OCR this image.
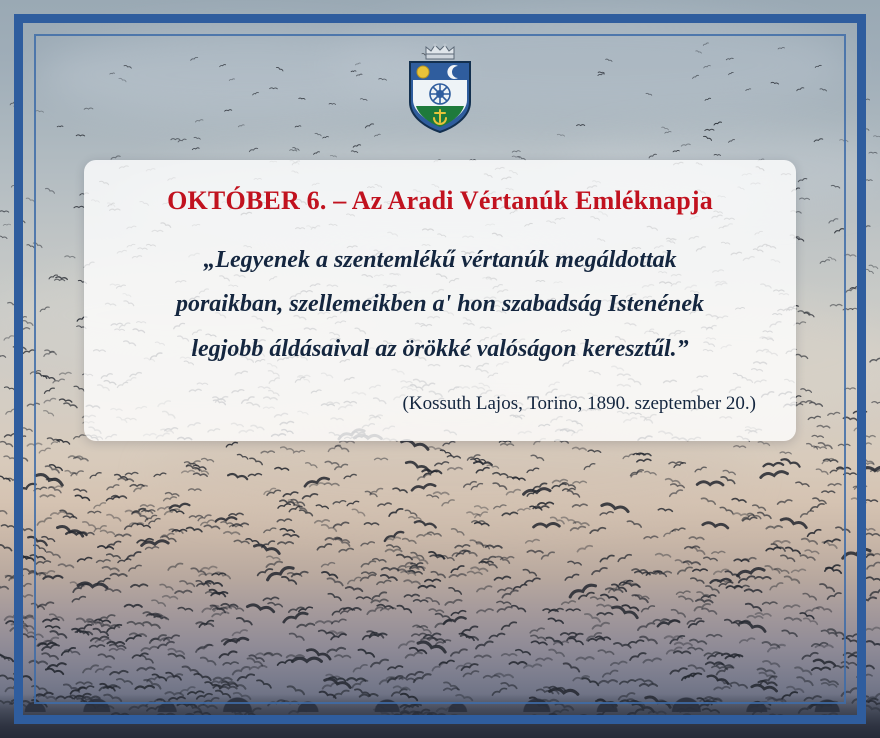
OKTÓBER 6. – Az Aradi Vértanúk Emléknapja

„Legyenek a szentemlékű vértanúk megáldottak

poraikban, szellemeikben a' hon szabadság Istenének

legjobb áldásaival az örökké valóságon keresztűl.”

(Kossuth Lajos, Torino, 1890. szeptember 20.)
